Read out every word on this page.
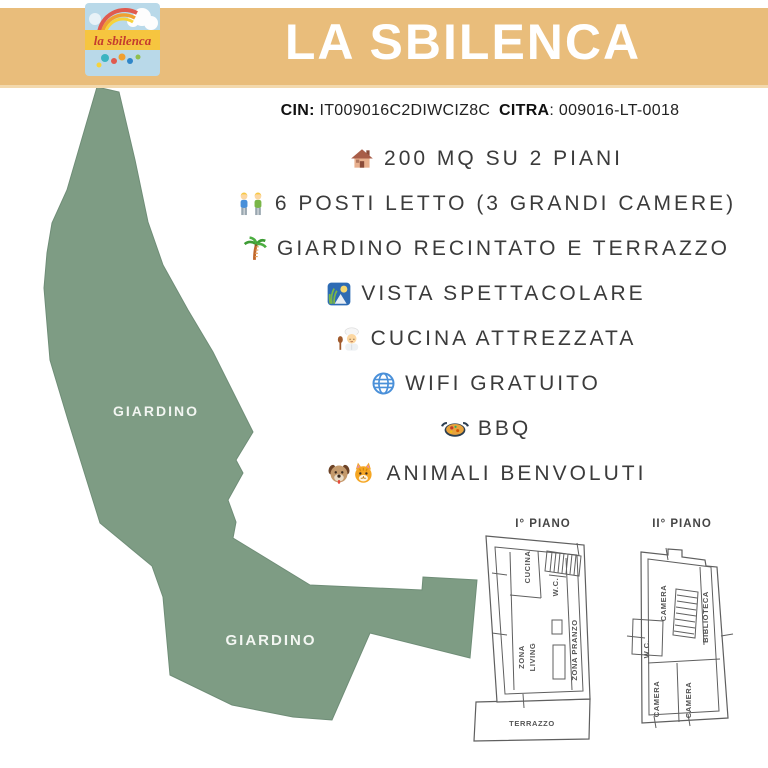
GIARDINO
GIARDINO
I° PIANO
CUCINA
W.C.
ZONA LIVING	ZONA PRANZO
TERRAZZO
II° PIANO
CAMERA	BIBLIOTECA
W.C.
CAMERA	CAMERA
LA SBILENCA
la sbilenca
CIN: IT009016C2DIWCIZ8C CITRA: 009016-LT-0018
200 MQ SU 2 PIANI
6 POSTI LETTO (3 GRANDI CAMERE)
GIARDINO RECINTATO E TERRAZZO
VISTA SPETTACOLARE
CUCINA ATTREZZATA
WIFI GRATUITO
BBQ
ANIMALI BENVOLUTI
